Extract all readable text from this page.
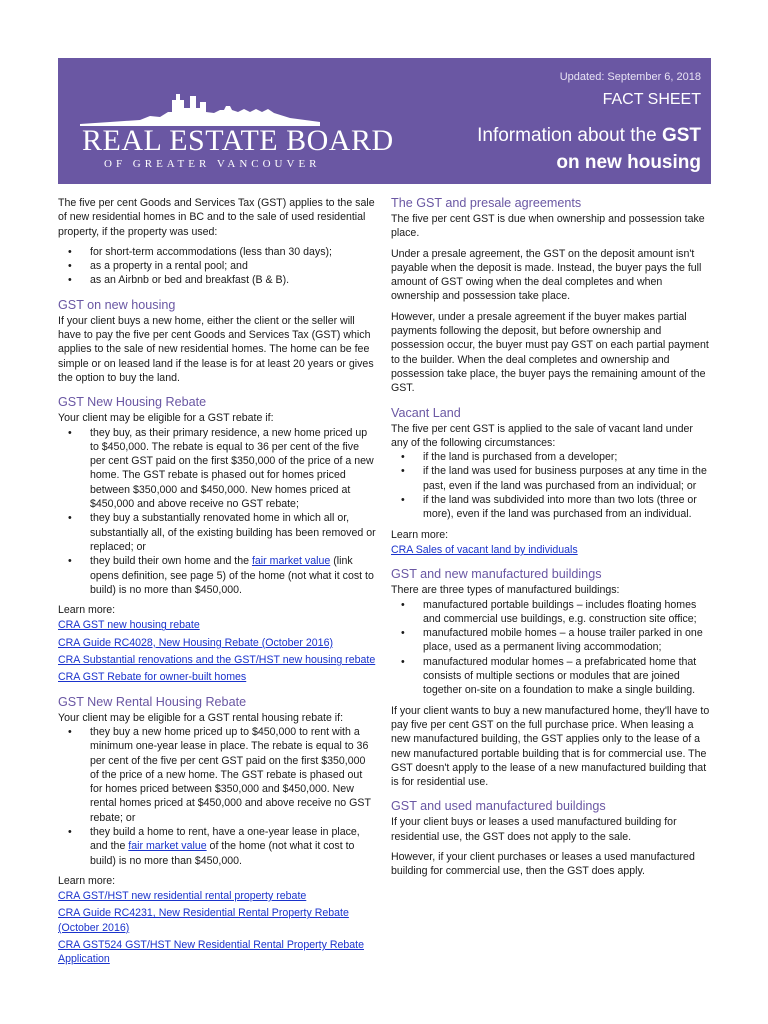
REAL ESTATE BOARD
OF GREATER VANCOUVER
Updated: September 6, 2018
FACT SHEET
Information about the GST
on new housing

The five per cent Goods and Services Tax (GST) applies to the sale of new residential homes in BC and to the sale of used residential property, if the property was used:

• for short-term accommodations (less than 30 days);
• as a property in a rental pool; and
• as an Airbnb or bed and breakfast (B & B).
GST on new housing

If your client buys a new home, either the client or the seller will have to pay the five per cent Goods and Services Tax (GST) which applies to the sale of new residential homes. The home can be fee simple or on leased land if the lease is for at least 20 years or gives the option to buy the land.

GST New Housing Rebate

Your client may be eligible for a GST rebate if:

• they buy, as their primary residence, a new home priced up to $450,000. The rebate is equal to 36 per cent of the five per cent GST paid on the first $350,000 of the price of a new home. The GST rebate is phased out for homes priced between $350,000 and $450,000. New homes priced at $450,000 and above receive no GST rebate;
• they buy a substantially renovated home in which all or, substantially all, of the existing building has been removed or replaced; or
• they build their own home and the fair market value (link opens definition, see page 5) of the home (not what it cost to build) is no more than $450,000.
Learn more:
CRA GST new housing rebate
CRA Guide RC4028, New Housing Rebate (October 2016)
CRA Substantial renovations and the GST/HST new housing rebate
CRA GST Rebate for owner-built homes
GST New Rental Housing Rebate

Your client may be eligible for a GST rental housing rebate if:

• they buy a new home priced up to $450,000 to rent with a minimum one-year lease in place. The rebate is equal to 36 per cent of the five per cent GST paid on the first $350,000 of the price of a new home. The GST rebate is phased out for homes priced between $350,000 and $450,000. New rental homes priced at $450,000 and above receive no GST rebate; or
• they build a home to rent, have a one-year lease in place, and the fair market value of the home (not what it cost to build) is no more than $450,000.
Learn more:
CRA GST/HST new residential rental property rebate
CRA Guide RC4231, New Residential Rental Property Rebate (October 2016)
CRA GST524 GST/HST New Residential Rental Property Rebate Application
The GST and presale agreements

The five per cent GST is due when ownership and possession take place.

Under a presale agreement, the GST on the deposit amount isn't payable when the deposit is made. Instead, the buyer pays the full amount of GST owing when the deal completes and when ownership and possession take place.

However, under a presale agreement if the buyer makes partial payments following the deposit, but before ownership and possession occur, the buyer must pay GST on each partial payment to the builder. When the deal completes and ownership and possession take place, the buyer pays the remaining amount of the GST.

Vacant Land

The five per cent GST is applied to the sale of vacant land under any of the following circumstances:

• if the land is purchased from a developer;
• if the land was used for business purposes at any time in the past, even if the land was purchased from an individual; or
• if the land was subdivided into more than two lots (three or more), even if the land was purchased from an individual.
Learn more:
CRA Sales of vacant land by individuals
GST and new manufactured buildings

There are three types of manufactured buildings:

• manufactured portable buildings – includes floating homes and commercial use buildings, e.g. construction site office;
• manufactured mobile homes – a house trailer parked in one place, used as a permanent living accommodation;
• manufactured modular homes – a prefabricated home that consists of multiple sections or modules that are joined together on-site on a foundation to make a single building.

If your client wants to buy a new manufactured home, they'll have to pay five per cent GST on the full purchase price. When leasing a new manufactured building, the GST applies only to the lease of a new manufactured portable building that is for commercial use. The GST doesn't apply to the lease of a new manufactured building that is for residential use.

GST and used manufactured buildings

If your client buys or leases a used manufactured building for residential use, the GST does not apply to the sale.

However, if your client purchases or leases a used manufactured building for commercial use, then the GST does apply.
